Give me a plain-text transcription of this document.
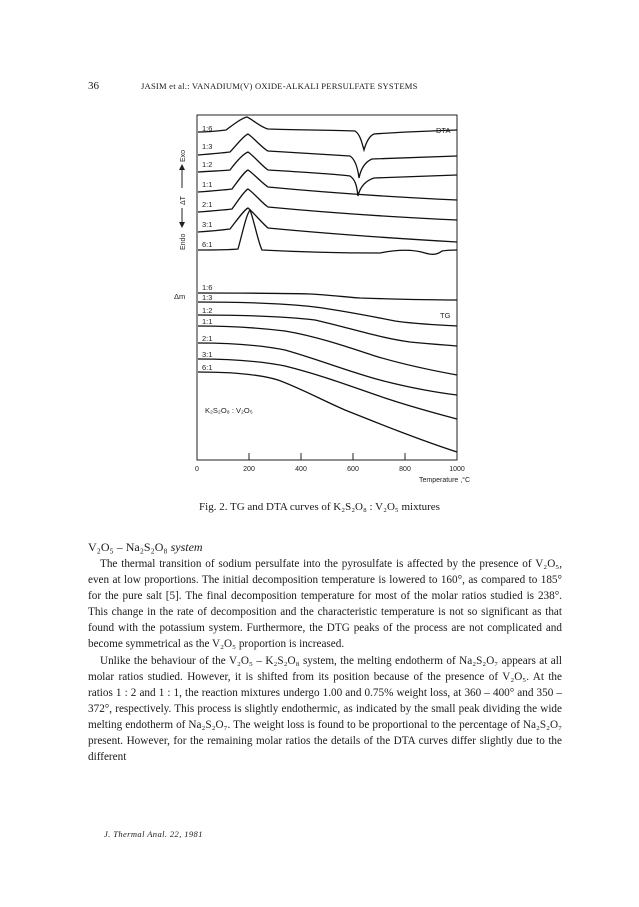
36	JASIM et al.: VANADIUM(V) OXIDE-ALKALI PERSULFATE SYSTEMS
1:6
1:3
1:2
1:1
2:1
3:1
6:1
1:6
1:3
1:2
1:1
2:1
3:1
6:1
DTA
TG
K₂S₂O₈ : V₂O₅
Δm
Exo
ΔT
Endo
0	200	400	600	800	1000
Temperature ,°C
Fig. 2. TG and DTA curves of K₂S₂O₈ : V₂O₅ mixtures
V₂O₅ – Na₂S₂O₈ system

The thermal transition of sodium persulfate into the pyrosulfate is affected by the presence of V₂O₅, even at low proportions. The initial decomposition temperature is lowered to 160°, as compared to 185° for the pure salt [5]. The final decomposition temperature for most of the molar ratios studied is 238°. This change in the rate of decomposition and the characteristic temperature is not so significant as that found with the potassium system. Furthermore, the DTG peaks of the process are not complicated and become symmetrical as the V₂O₅ proportion is increased.

Unlike the behaviour of the V₂O₅ – K₂S₂O₈ system, the melting endotherm of Na₂S₂O₇ appears at all molar ratios studied. However, it is shifted from its position because of the presence of V₂O₅. At the ratios 1 : 2 and 1 : 1, the reaction mixtures undergo 1.00 and 0.75% weight loss, at 360 – 400° and 350 – 372°, respectively. This process is slightly endothermic, as indicated by the small peak dividing the wide melting endotherm of Na₂S₂O₇. The weight loss is found to be proportional to the percentage of Na₂S₂O₇ present. However, for the remaining molar ratios the details of the DTA curves differ slightly due to the different

J. Thermal Anal. 22, 1981
